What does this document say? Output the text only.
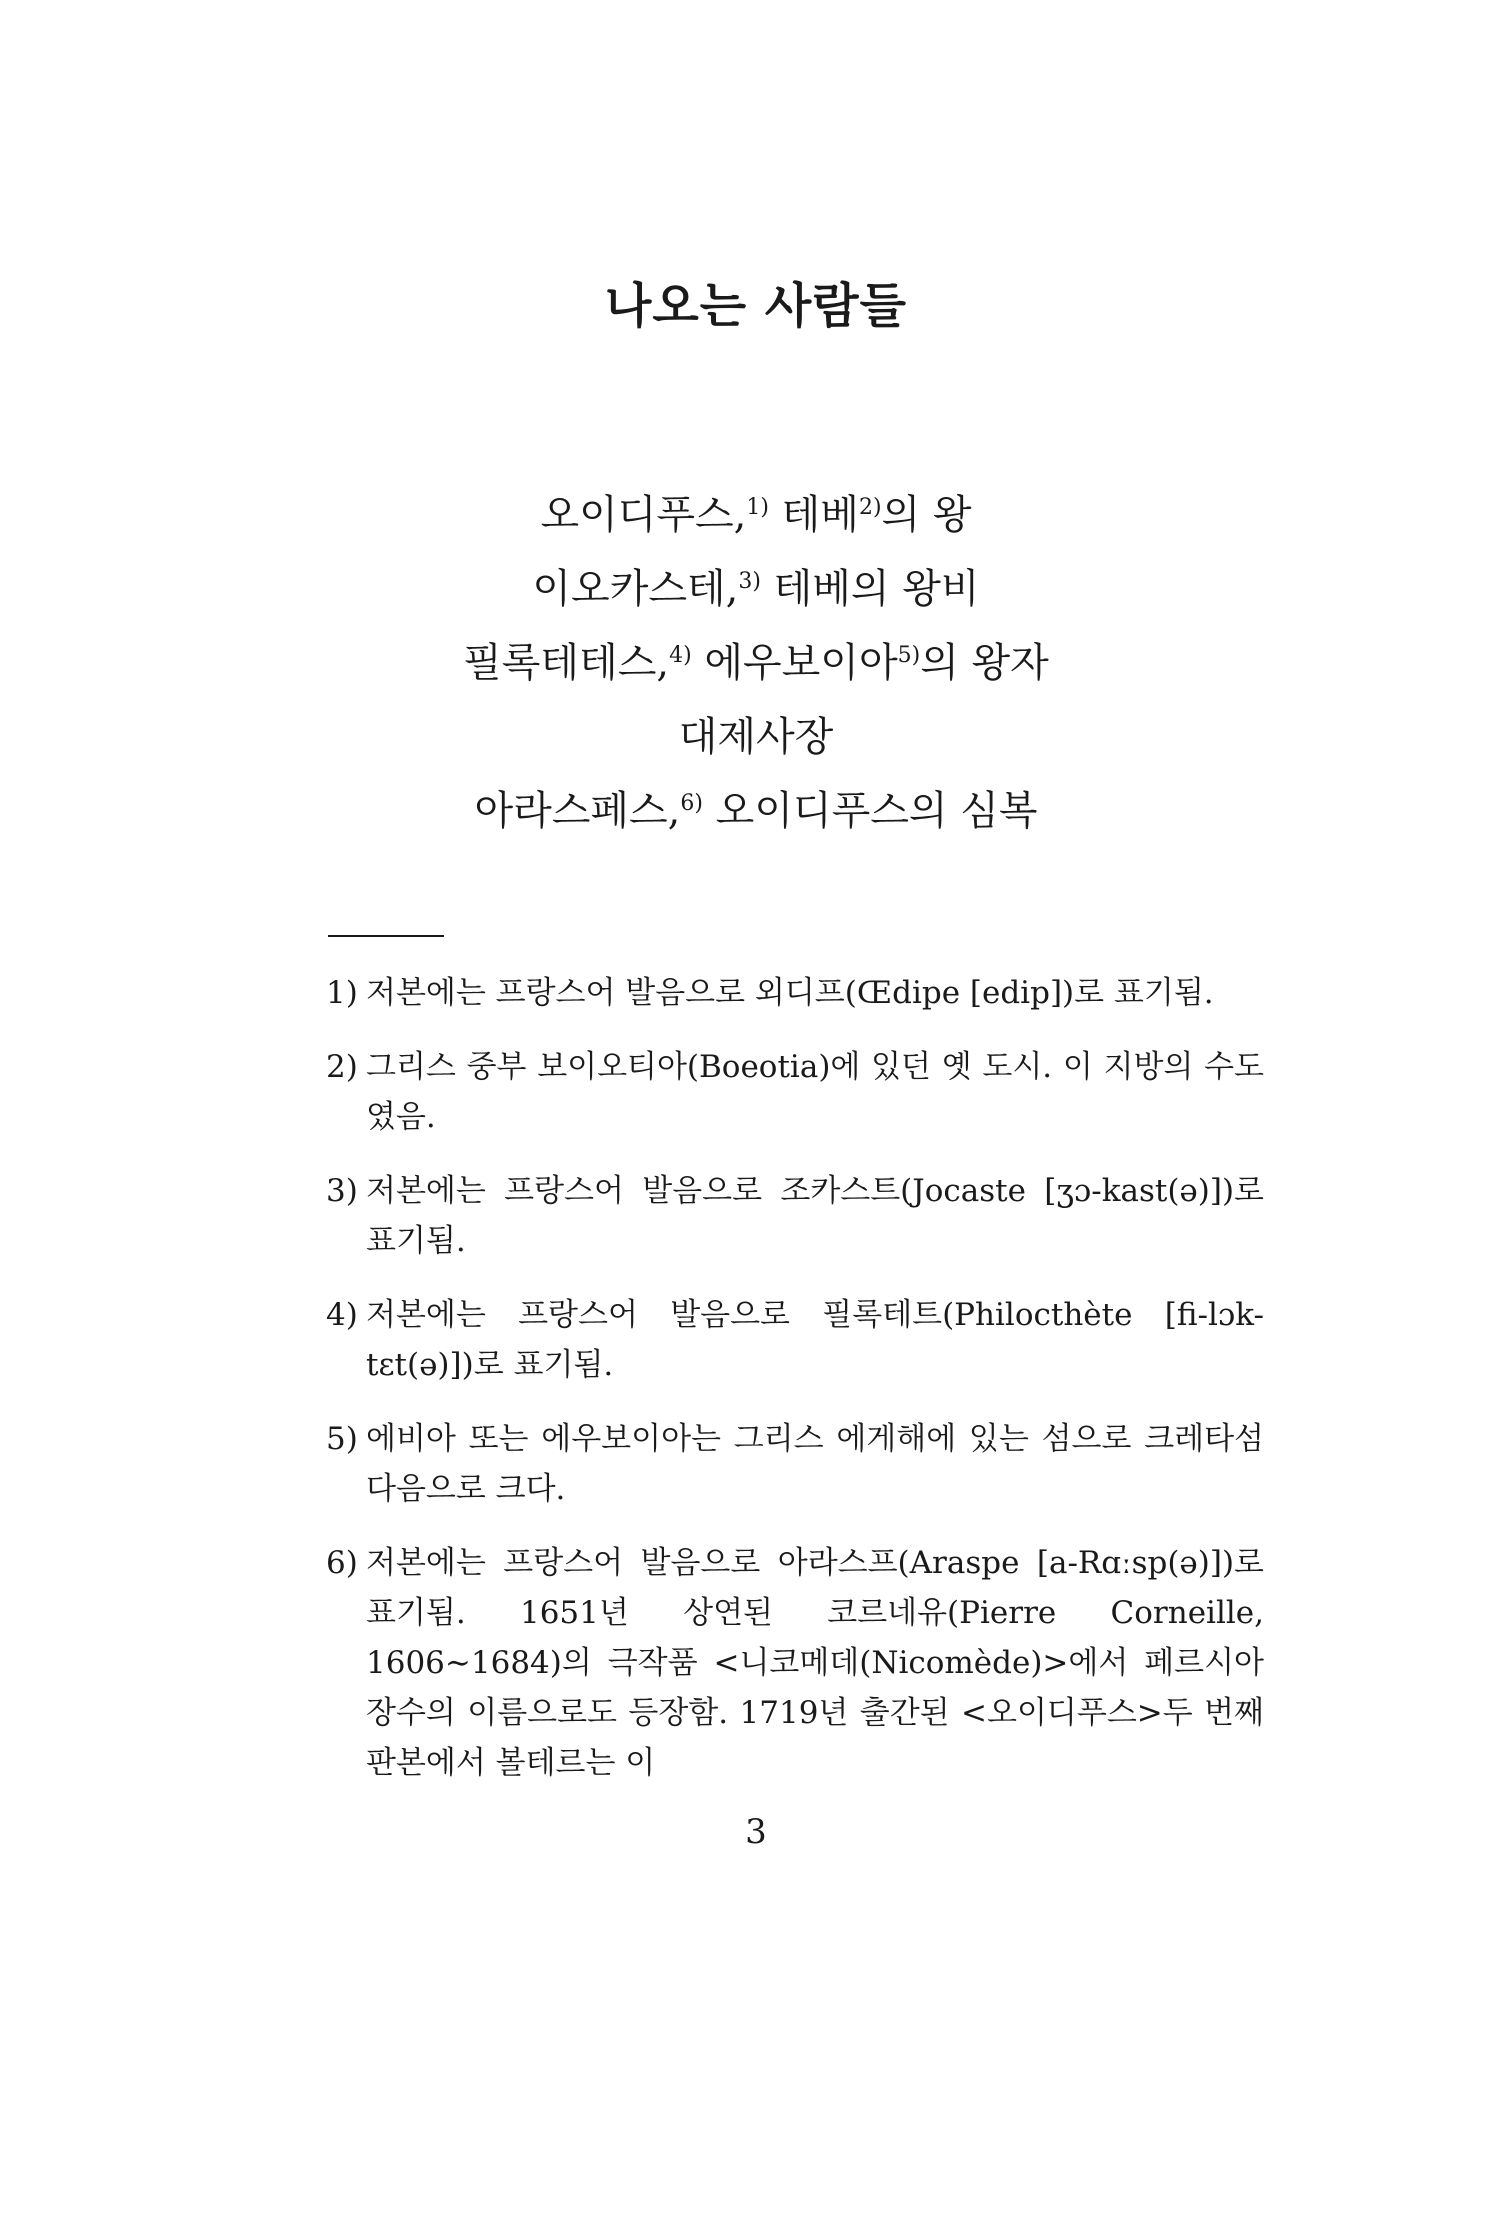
나오는 사람들
오이디푸스,$^{1)}$ 테베$^{2)}$의 왕
이오카스테,$^{3)}$ 테베의 왕비
필록테테스,$^{4)}$ 에우보이아$^{5)}$의 왕자
대제사장
아라스페스,$^{6)}$ 오이디푸스의 심복
1) 저본에는 프랑스어 발음으로 외디프(Œdipe [edip])로 표기됨.
2) 그리스 중부 보이오티아(Boeotia)에 있던 옛 도시. 이 지방의 수도였음.
3) 저본에는 프랑스어 발음으로 조카스트(Jocaste [ʒɔ-kast(ə)])로 표기됨.
4) 저본에는 프랑스어 발음으로 필록테트(Philocthète [fi-lɔk-tɛt(ə)])로 표기됨.
5) 에비아 또는 에우보이아는 그리스 에게해에 있는 섬으로 크레타섬 다음으로 크다.
6) 저본에는 프랑스어 발음으로 아라스프(Araspe [a-Rɑːsp(ə)])로 표기됨. 1651년 상연된 코르네유(Pierre Corneille, 1606∼1684)의 극작품 <니코메데(Nicomède)>에서 페르시아 장수의 이름으로도 등장함. 1719년 출간된 <오이디푸스>두 번째 판본에서 볼테르는 이
3
